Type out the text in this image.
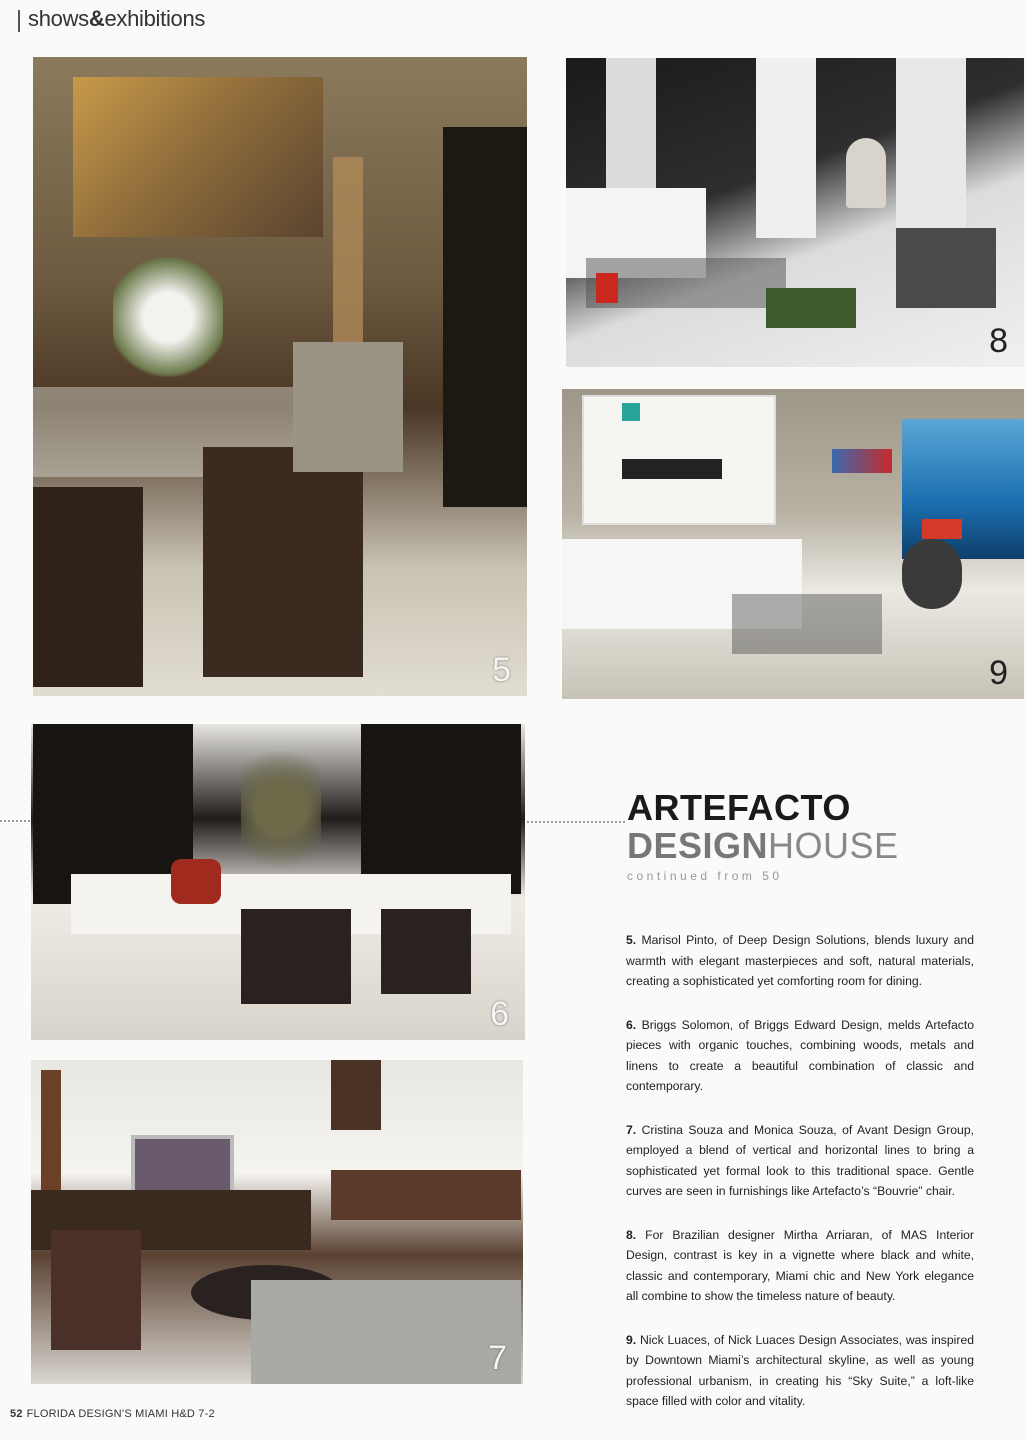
shows&exhibitions
5
8
9
6
7
ARTEFACTO
DESIGNHOUSE
continued from 50

5. Marisol Pinto, of Deep Design Solutions, blends luxury and warmth with elegant masterpieces and soft, natural materials, creating a sophisticated yet comforting room for dining.

6. Briggs Solomon, of Briggs Edward Design, melds Artefacto pieces with organic touches, combining woods, metals and linens to create a beautiful combination of classic and contemporary.

7. Cristina Souza and Monica Souza, of Avant Design Group, employed a blend of vertical and horizontal lines to bring a sophisticated yet formal look to this traditional space. Gentle curves are seen in furnishings like Artefacto’s “Bouvrie” chair.

8. For Brazilian designer Mirtha Arriaran, of MAS Interior Design, contrast is key in a vignette where black and white, classic and contemporary, Miami chic and New York elegance all combine to show the timeless nature of beauty.

9. Nick Luaces, of Nick Luaces Design Associates, was inspired by Downtown Miami’s architectural skyline, as well as young professional urbanism, in creating his “Sky Suite,” a loft-like space filled with color and vitality.

52 FLORIDA DESIGN’S MIAMI H&D 7-2
